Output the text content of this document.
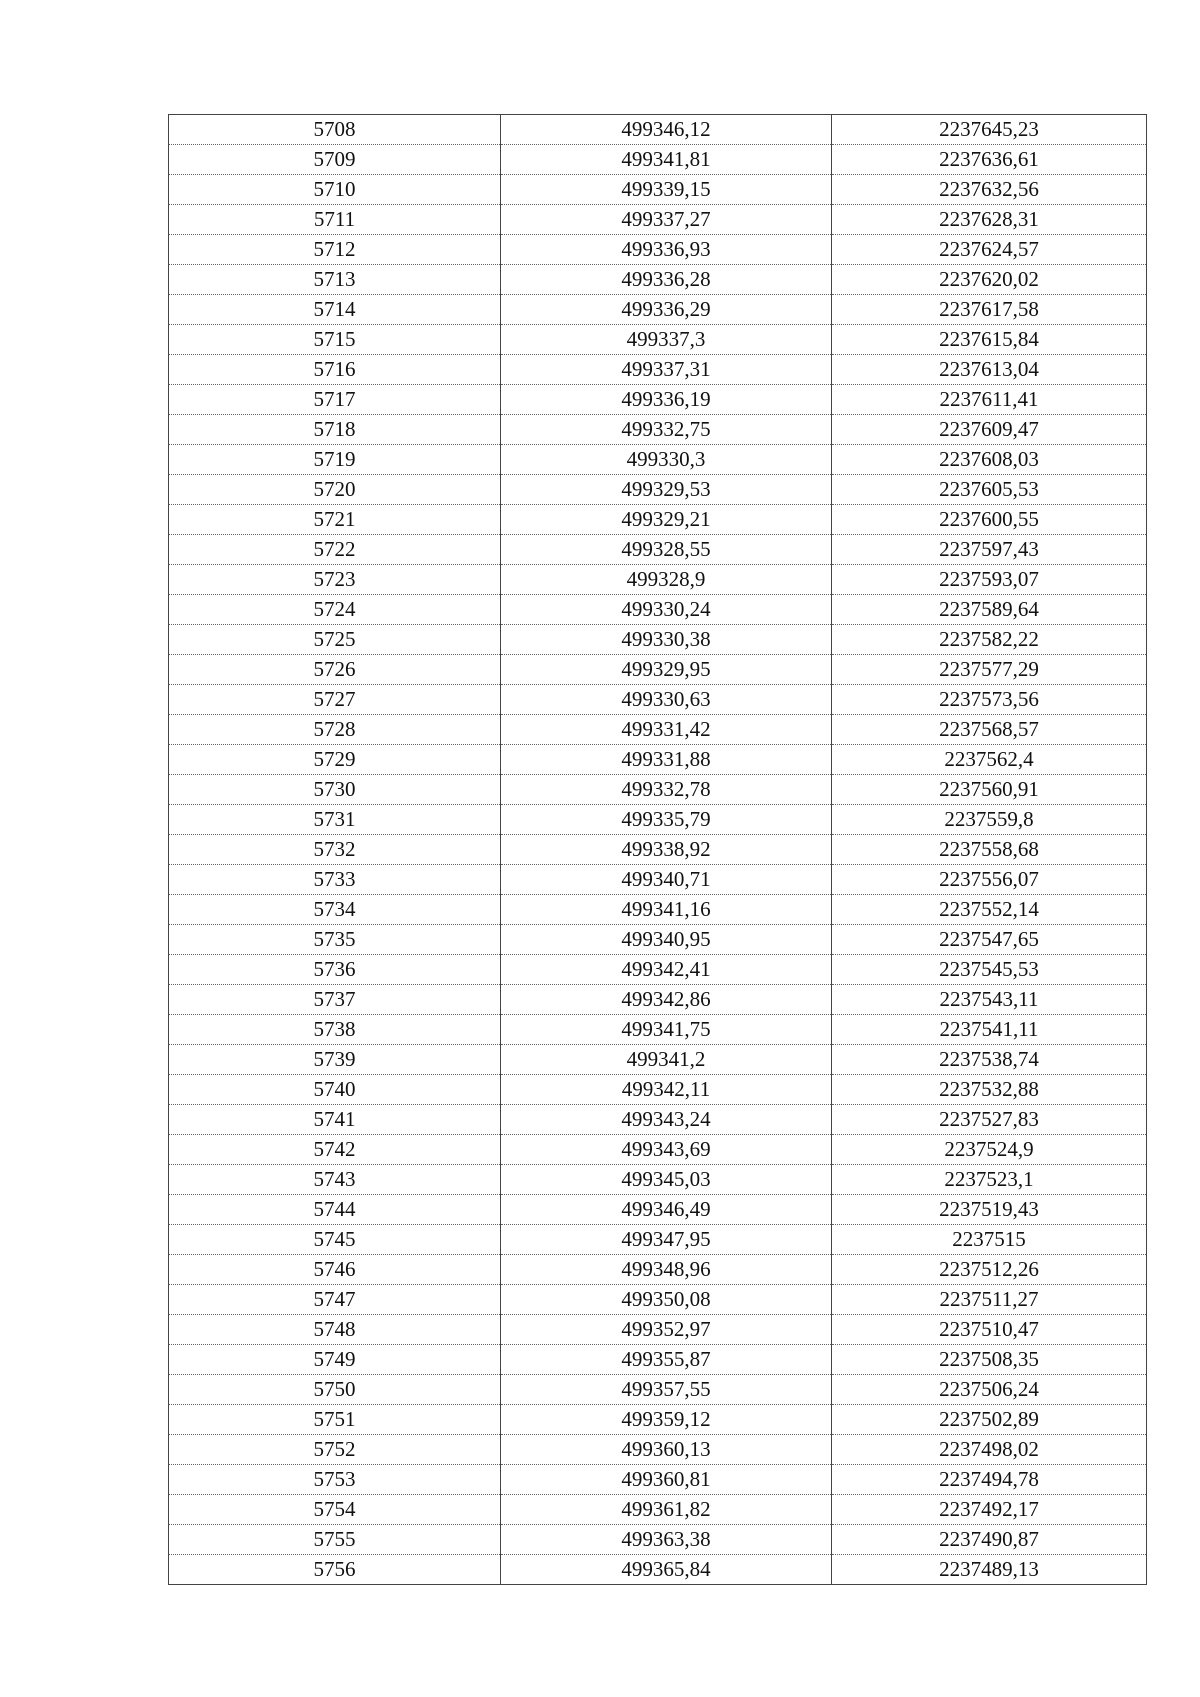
5708	499346,12	2237645,23
5709	499341,81	2237636,61
5710	499339,15	2237632,56
5711	499337,27	2237628,31
5712	499336,93	2237624,57
5713	499336,28	2237620,02
5714	499336,29	2237617,58
5715	499337,3	2237615,84
5716	499337,31	2237613,04
5717	499336,19	2237611,41
5718	499332,75	2237609,47
5719	499330,3	2237608,03
5720	499329,53	2237605,53
5721	499329,21	2237600,55
5722	499328,55	2237597,43
5723	499328,9	2237593,07
5724	499330,24	2237589,64
5725	499330,38	2237582,22
5726	499329,95	2237577,29
5727	499330,63	2237573,56
5728	499331,42	2237568,57
5729	499331,88	2237562,4
5730	499332,78	2237560,91
5731	499335,79	2237559,8
5732	499338,92	2237558,68
5733	499340,71	2237556,07
5734	499341,16	2237552,14
5735	499340,95	2237547,65
5736	499342,41	2237545,53
5737	499342,86	2237543,11
5738	499341,75	2237541,11
5739	499341,2	2237538,74
5740	499342,11	2237532,88
5741	499343,24	2237527,83
5742	499343,69	2237524,9
5743	499345,03	2237523,1
5744	499346,49	2237519,43
5745	499347,95	2237515
5746	499348,96	2237512,26
5747	499350,08	2237511,27
5748	499352,97	2237510,47
5749	499355,87	2237508,35
5750	499357,55	2237506,24
5751	499359,12	2237502,89
5752	499360,13	2237498,02
5753	499360,81	2237494,78
5754	499361,82	2237492,17
5755	499363,38	2237490,87
5756	499365,84	2237489,13
